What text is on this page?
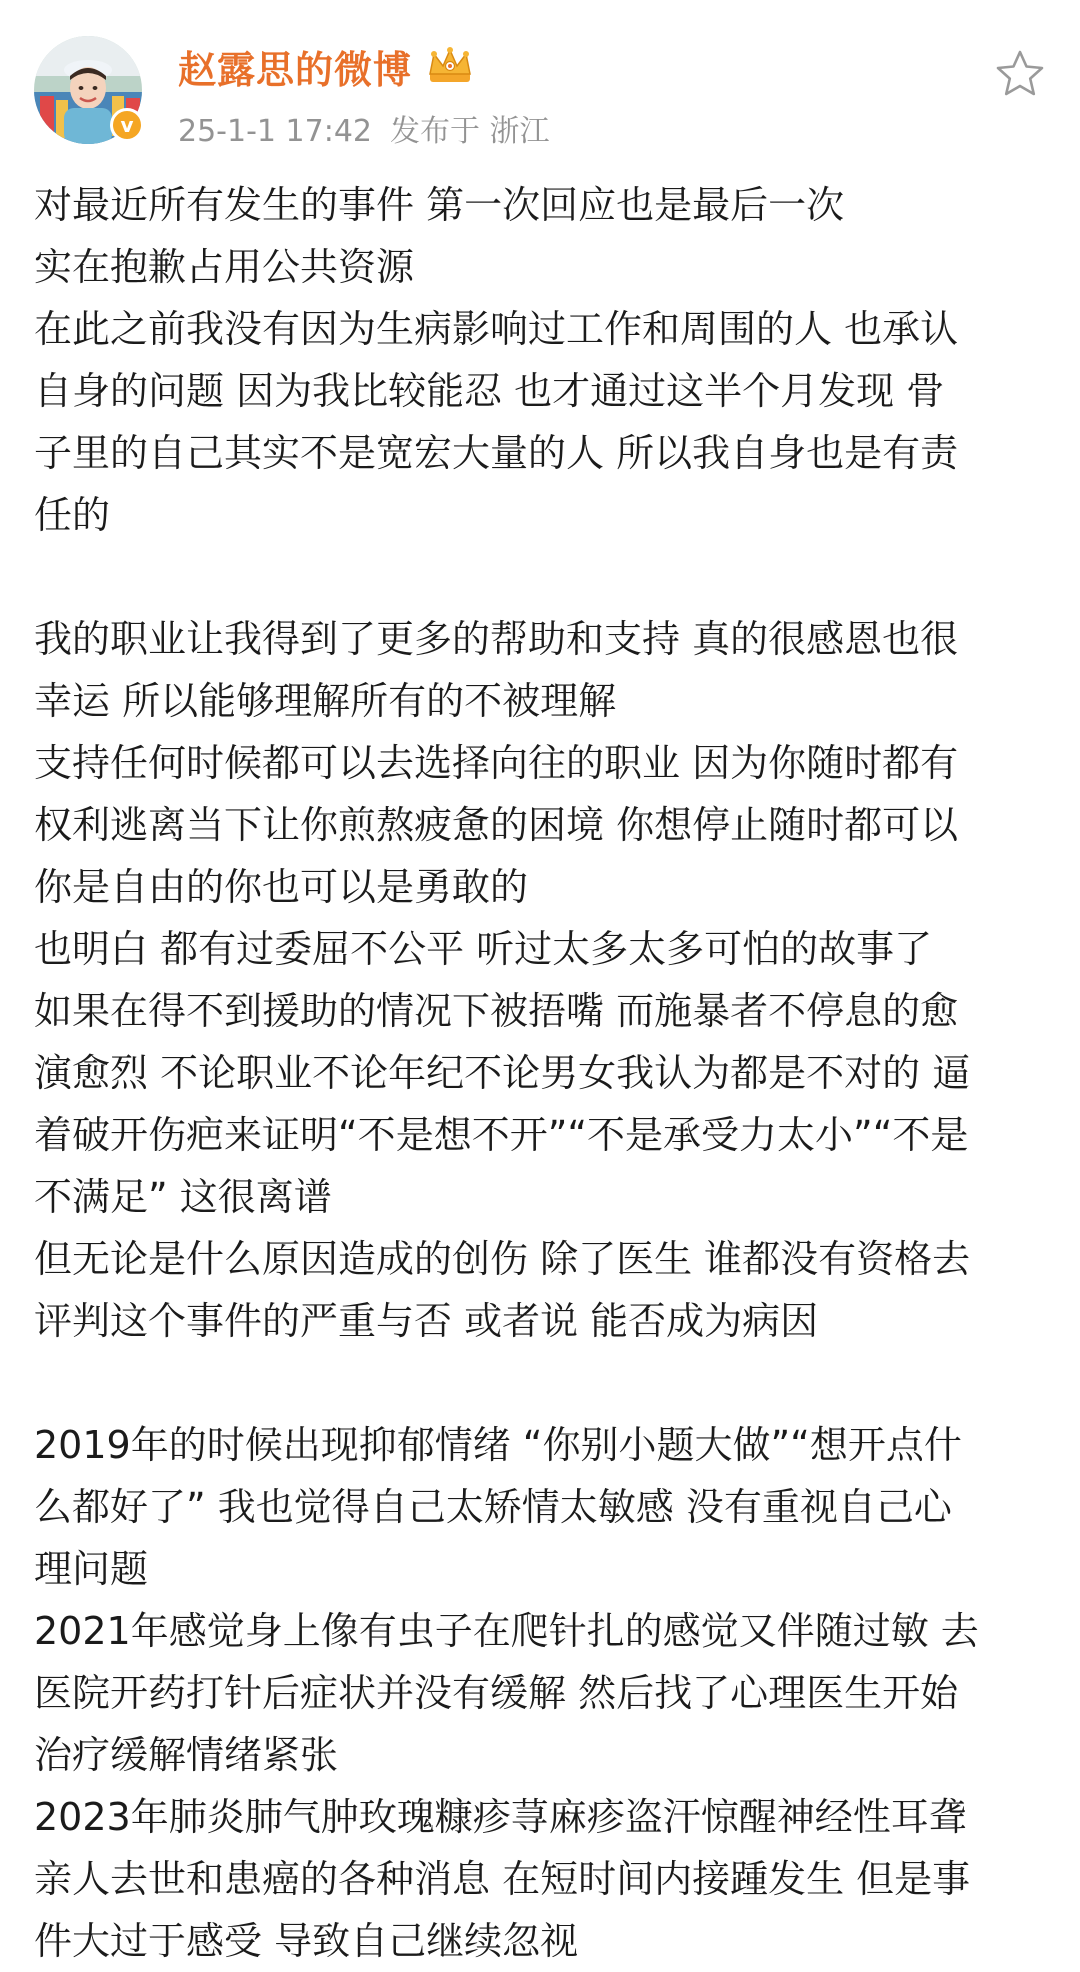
v
赵露思的微博
25-1-1 17:42 发布于 浙江
对最近所有发生的事件 第一次回应也是最后一次
实在抱歉占用公共资源
在此之前我没有因为生病影响过工作和周围的人 也承认
自身的问题 因为我比较能忍 也才通过这半个月发现 骨
子里的自己其实不是宽宏大量的人 所以我自身也是有责
任的
我的职业让我得到了更多的帮助和支持 真的很感恩也很
幸运 所以能够理解所有的不被理解
支持任何时候都可以去选择向往的职业 因为你随时都有
权利逃离当下让你煎熬疲惫的困境 你想停止随时都可以
你是自由的你也可以是勇敢的
也明白 都有过委屈不公平 听过太多太多可怕的故事了
如果在得不到援助的情况下被捂嘴 而施暴者不停息的愈
演愈烈 不论职业不论年纪不论男女我认为都是不对的 逼
着破开伤疤来证明“不是想不开”“不是承受力太小”“不是
不满足” 这很离谱
但无论是什么原因造成的创伤 除了医生 谁都没有资格去
评判这个事件的严重与否 或者说 能否成为病因
2019年的时候出现抑郁情绪 “你别小题大做”“想开点什
么都好了” 我也觉得自己太矫情太敏感 没有重视自己心
理问题
2021年感觉身上像有虫子在爬针扎的感觉又伴随过敏 去
医院开药打针后症状并没有缓解 然后找了心理医生开始
治疗缓解情绪紧张
2023年肺炎肺气肿玫瑰糠疹荨麻疹盗汗惊醒神经性耳聋
亲人去世和患癌的各种消息 在短时间内接踵发生 但是事
件大过于感受 导致自己继续忽视
